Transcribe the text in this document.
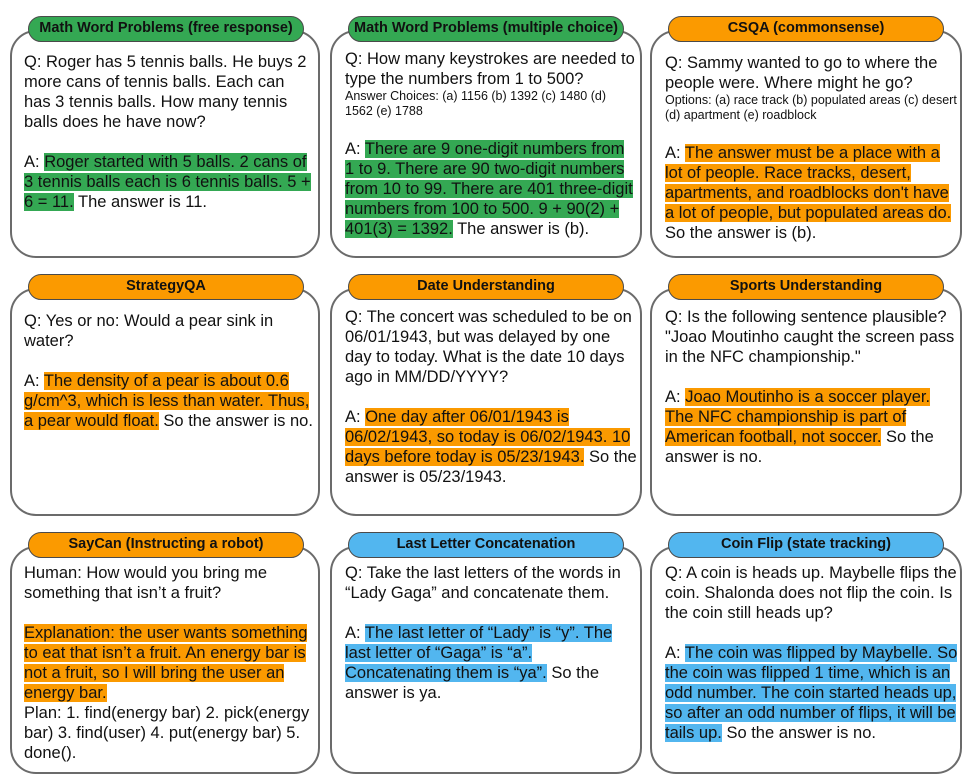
Math Word Problems (free response)

Q: Roger has 5 tennis balls. He buys 2 more cans of tennis balls. Each can has 3 tennis balls. How many tennis balls does he have now?

A: Roger started with 5 balls. 2 cans of 3 tennis balls each is 6 tennis balls. 5 + 6 = 11. The answer is 11.

Math Word Problems (multiple choice)

Q: How many keystrokes are needed to type the numbers from 1 to 500?

Answer Choices: (a) 1156 (b) 1392 (c) 1480 (d) 1562 (e) 1788

A: There are 9 one-digit numbers from 1 to 9. There are 90 two-digit numbers from 10 to 99. There are 401 three-digit numbers from 100 to 500. 9 + 90(2) + 401(3) = 1392. The answer is (b).

CSQA (commonsense)

Q: Sammy wanted to go to where the people were. Where might he go?

Options: (a) race track (b) populated areas (c) desert (d) apartment (e) roadblock

A: The answer must be a place with a lot of people. Race tracks, desert, apartments, and roadblocks don't have a lot of people, but populated areas do. So the answer is (b).

StrategyQA

Q: Yes or no: Would a pear sink in water?

A: The density of a pear is about 0.6 g/cm^3, which is less than water. Thus, a pear would float. So the answer is no.

Date Understanding

Q: The concert was scheduled to be on 06/01/1943, but was delayed by one day to today. What is the date 10 days ago in MM/DD/YYYY?

A: One day after 06/01/1943 is 06/02/1943, so today is 06/02/1943. 10 days before today is 05/23/1943. So the answer is 05/23/1943.

Sports Understanding

Q: Is the following sentence plausible? "Joao Moutinho caught the screen pass in the NFC championship."

A: Joao Moutinho is a soccer player. The NFC championship is part of American football, not soccer. So the answer is no.

SayCan (Instructing a robot)

Human: How would you bring me something that isn’t a fruit?

Explanation: the user wants something to eat that isn’t a fruit. An energy bar is not a fruit, so I will bring the user an energy bar.

Plan: 1. find(energy bar) 2. pick(energy bar) 3. find(user) 4. put(energy bar) 5. done().

Last Letter Concatenation

Q: Take the last letters of the words in “Lady Gaga” and concatenate them.

A: The last letter of “Lady” is “y”. The last letter of “Gaga” is “a”. Concatenating them is “ya”. So the answer is ya.

Coin Flip (state tracking)

Q: A coin is heads up. Maybelle flips the coin. Shalonda does not flip the coin. Is the coin still heads up?

A: The coin was flipped by Maybelle. So the coin was flipped 1 time, which is an odd number. The coin started heads up, so after an odd number of flips, it will be tails up. So the answer is no.
